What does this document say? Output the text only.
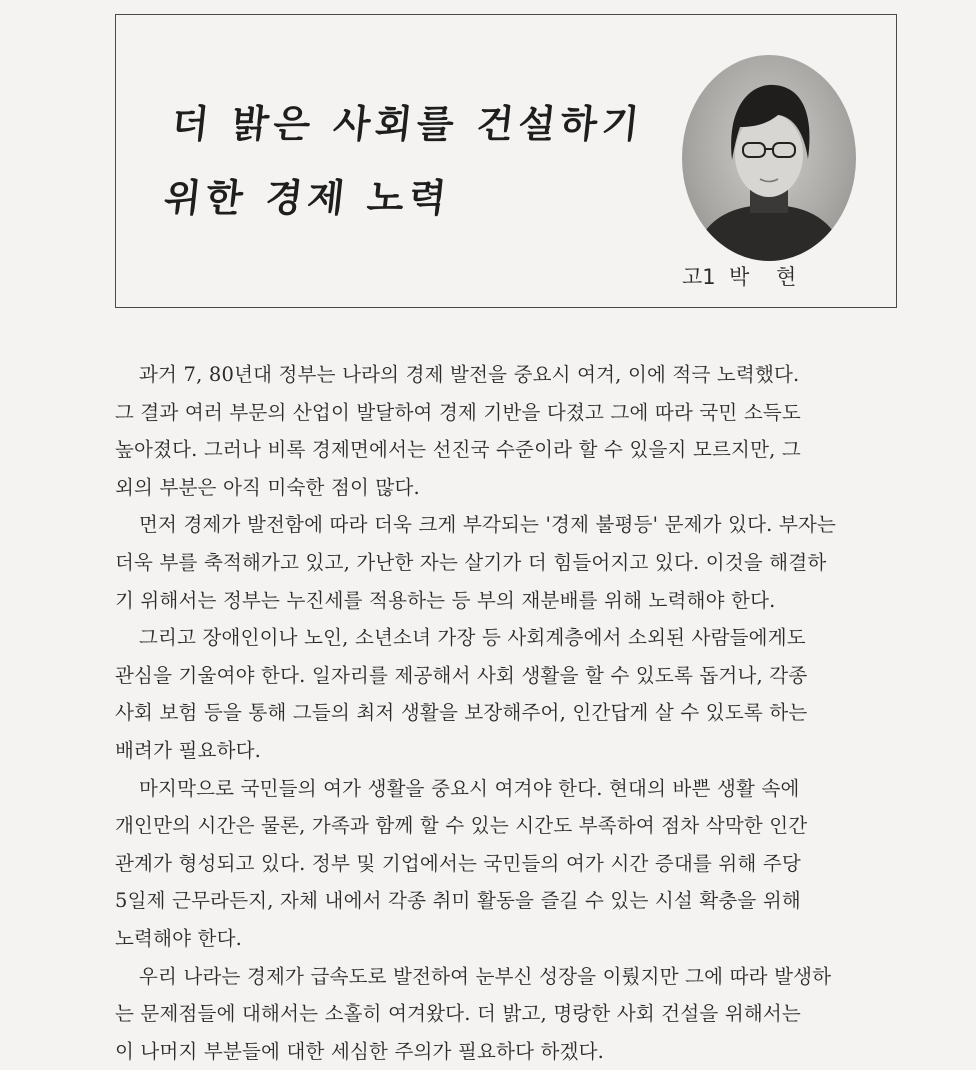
더 밝은 사회를 건설하기
위한 경제 노력
고1  박    현

과거 7, 80년대 정부는 나라의 경제 발전을 중요시 여겨, 이에 적극 노력했다.
그 결과 여러 부문의 산업이 발달하여 경제 기반을 다졌고 그에 따라 국민 소득도
높아졌다. 그러나 비록 경제면에서는 선진국 수준이라 할 수 있을지 모르지만, 그
외의 부분은 아직 미숙한 점이 많다.

먼저 경제가 발전함에 따라 더욱 크게 부각되는 '경제 불평등' 문제가 있다. 부자는
더욱 부를 축적해가고 있고, 가난한 자는 살기가 더 힘들어지고 있다. 이것을 해결하
기 위해서는 정부는 누진세를 적용하는 등 부의 재분배를 위해 노력해야 한다.

그리고 장애인이나 노인, 소년소녀 가장 등 사회계층에서 소외된 사람들에게도
관심을 기울여야 한다. 일자리를 제공해서 사회 생활을 할 수 있도록 돕거나, 각종
사회 보험 등을 통해 그들의 최저 생활을 보장해주어, 인간답게 살 수 있도록 하는
배려가 필요하다.

마지막으로 국민들의 여가 생활을 중요시 여겨야 한다. 현대의 바쁜 생활 속에
개인만의 시간은 물론, 가족과 함께 할 수 있는 시간도 부족하여 점차 삭막한 인간
관계가 형성되고 있다. 정부 및 기업에서는 국민들의 여가 시간 증대를 위해 주당
5일제 근무라든지, 자체 내에서 각종 취미 활동을 즐길 수 있는 시설 확충을 위해
노력해야 한다.

우리 나라는 경제가 급속도로 발전하여 눈부신 성장을 이뤘지만 그에 따라 발생하
는 문제점들에 대해서는 소홀히 여겨왔다. 더 밝고, 명랑한 사회 건설을 위해서는
이 나머지 부분들에 대한 세심한 주의가 필요하다 하겠다.
